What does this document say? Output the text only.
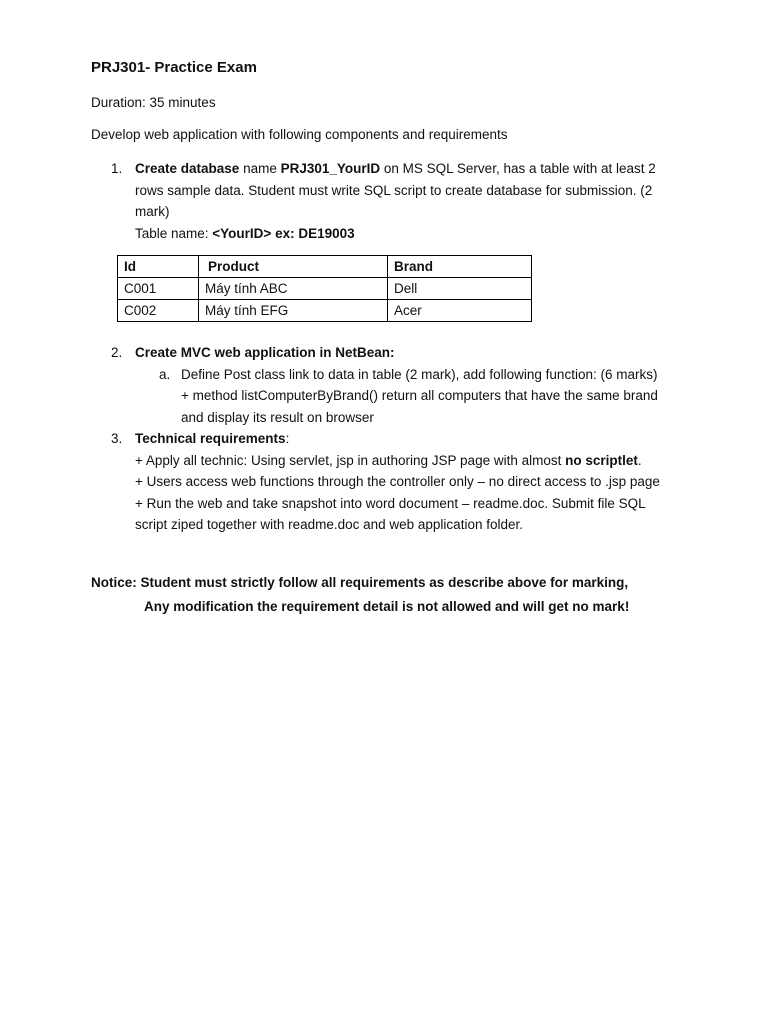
PRJ301- Practice Exam
Duration: 35 minutes
Develop web application with following components and requirements
1. Create database name PRJ301_YourID on MS SQL Server, has a table with at least 2
rows sample data. Student must write SQL script to create database for submission. (2
mark)
Table name: <YourID> ex: DE19003
Id	Product	Brand
C001	Máy tính ABC	Dell
C002	Máy tính EFG	Acer
2. Create MVC web application in NetBean:
a. Define Post class link to data in table (2 mark), add following function: (6 marks)
+ method listComputerByBrand() return all computers that have the same brand
and display its result on browser
3. Technical requirements:
+ Apply all technic: Using servlet, jsp in authoring JSP page with almost no scriptlet.
+ Users access web functions through the controller only – no direct access to .jsp page
+ Run the web and take snapshot into word document – readme.doc. Submit file SQL
script ziped together with readme.doc and web application folder.
Notice: Student must strictly follow all requirements as describe above for marking,
Any modification the requirement detail is not allowed and will get no mark!
